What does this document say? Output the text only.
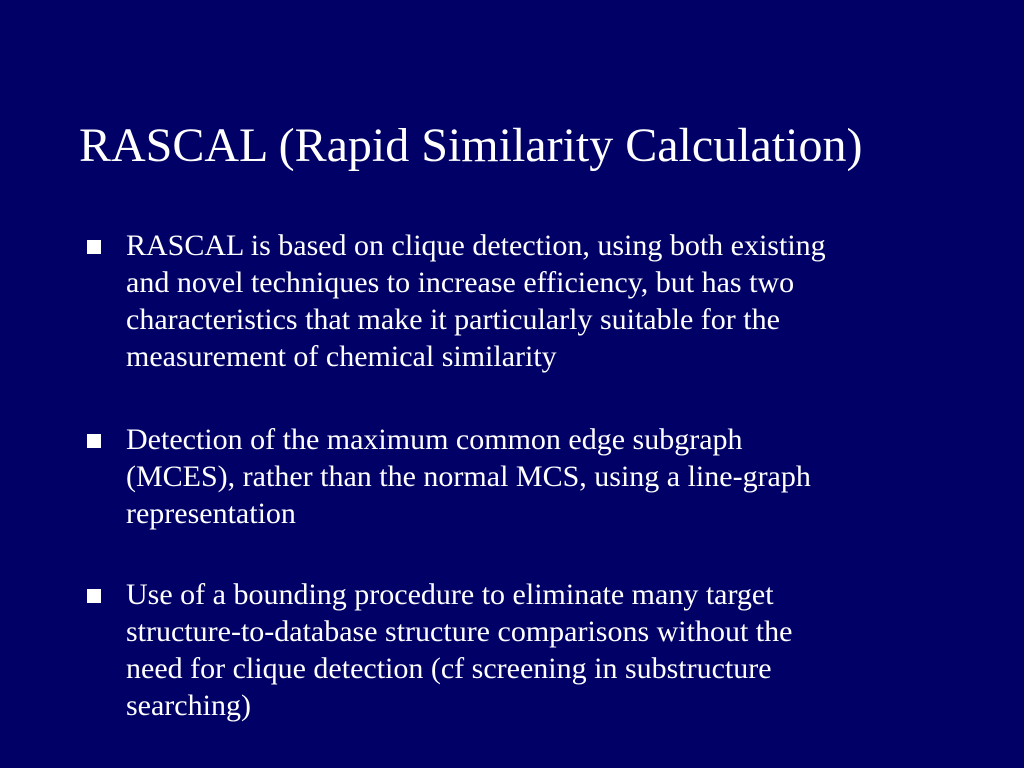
RASCAL (Rapid Similarity Calculation)
RASCAL is based on clique detection, using both existing
and novel techniques to increase efficiency, but has two
characteristics that make it particularly suitable for the
measurement of chemical similarity
Detection of the maximum common edge subgraph
(MCES), rather than the normal MCS, using a line-graph
representation
Use of a bounding procedure to eliminate many target
structure-to-database structure comparisons without the
need for clique detection (cf screening in substructure
searching)
